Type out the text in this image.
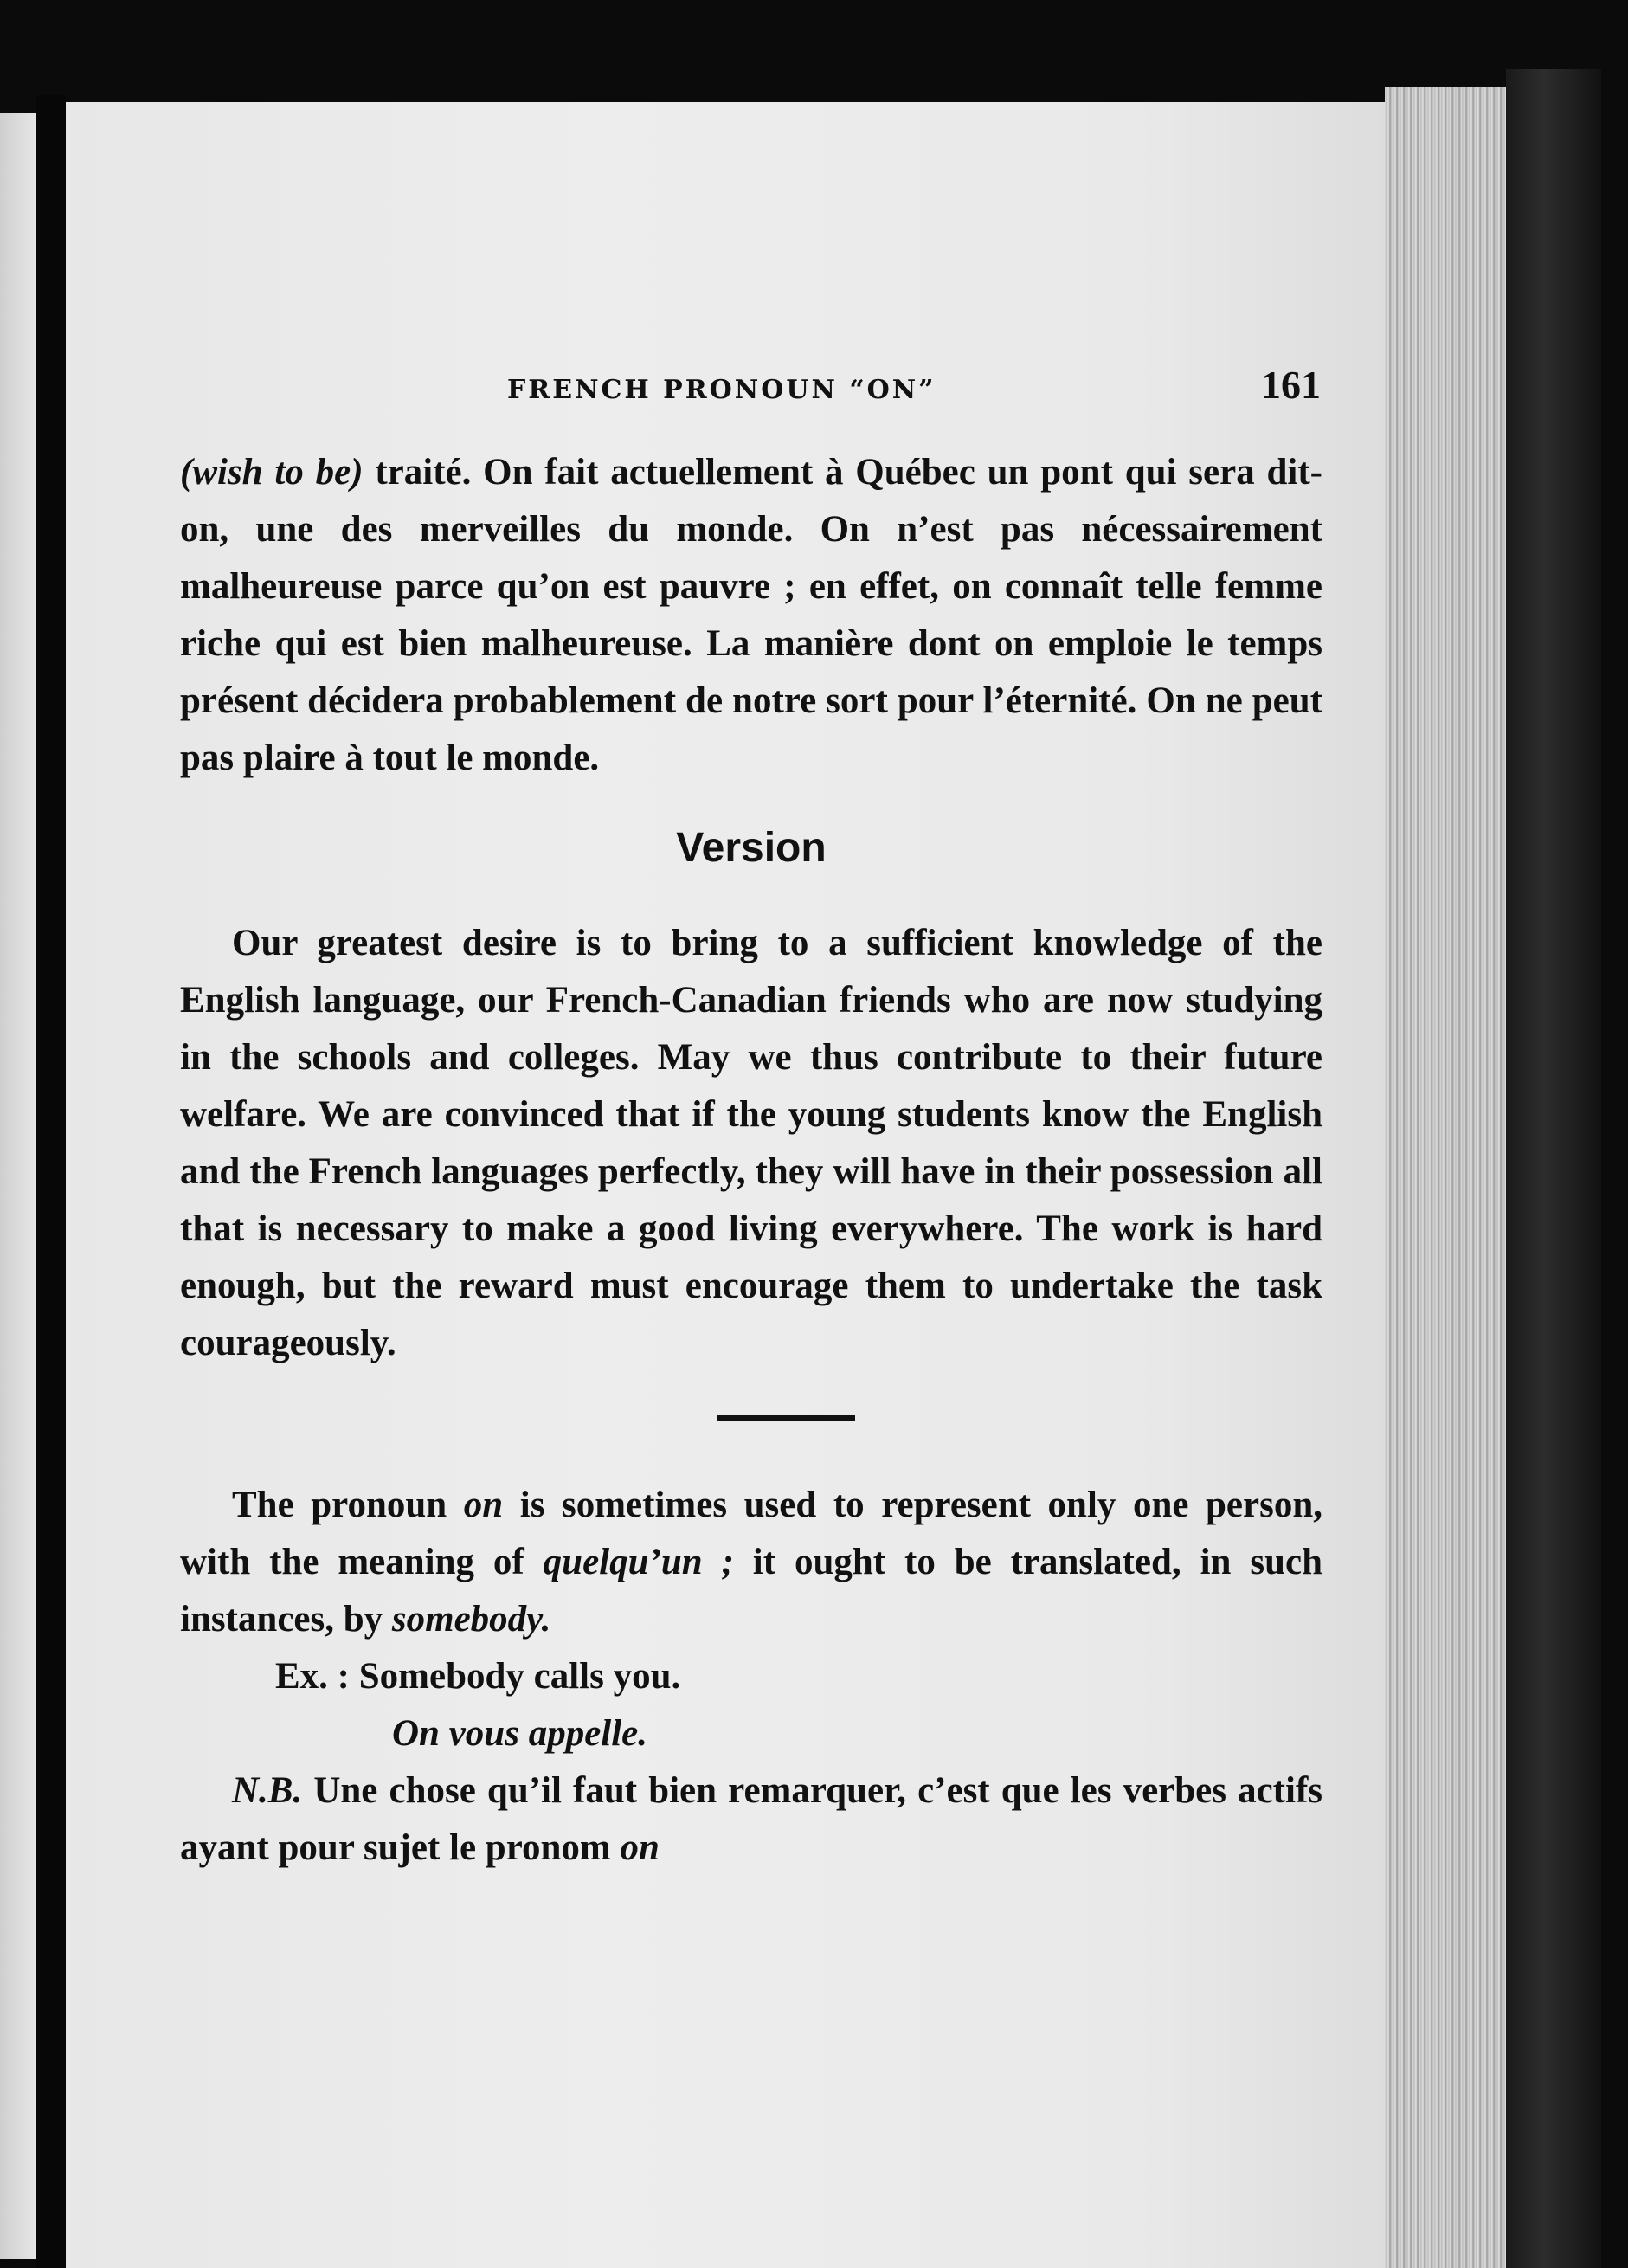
FRENCH PRONOUN “ON”	161

(wish to be) traité. On fait actuellement à Québec un pont qui sera dit-on, une des merveilles du monde. On n’est pas nécessairement malheureuse parce qu’on est pauvre ; en effet, on connaît telle femme riche qui est bien malheureuse. La manière dont on emploie le temps présent décidera probablement de notre sort pour l’éternité. On ne peut pas plaire à tout le monde.

Version

Our greatest desire is to bring to a sufficient knowledge of the English language, our French-Canadian friends who are now studying in the schools and colleges. May we thus contribute to their future welfare. We are convinced that if the young students know the English and the French languages perfectly, they will have in their possession all that is necessary to make a good living everywhere. The work is hard enough, but the reward must encourage them to undertake the task courageously.

The pronoun on is sometimes used to represent only one person, with the meaning of quelqu’un ; it ought to be translated, in such instances, by somebody.

Ex. : Somebody calls you.

On vous appelle.

N.B. Une chose qu’il faut bien remarquer, c’est que les verbes actifs ayant pour sujet le pronom on
